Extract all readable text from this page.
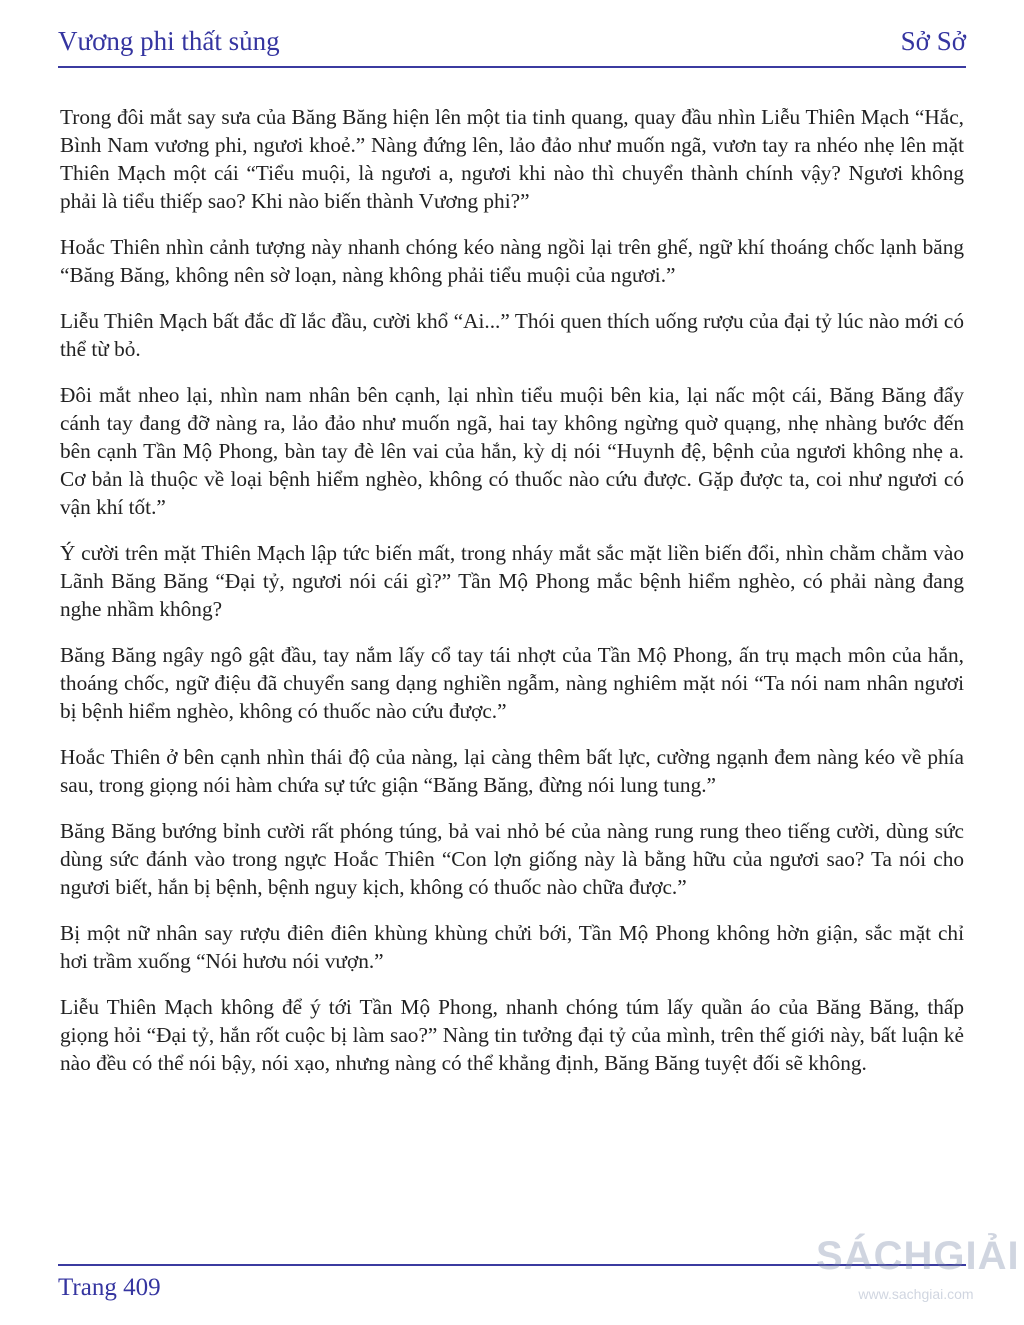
Vương phi thất sủng	Sở Sở

Trong đôi mắt say sưa của Băng Băng hiện lên một tia tinh quang, quay đầu nhìn Liễu Thiên Mạch “Hắc, Bình Nam vương phi, ngươi khoẻ.” Nàng đứng lên, lảo đảo như muốn ngã, vươn tay ra nhéo nhẹ lên mặt Thiên Mạch một cái “Tiểu muội, là ngươi a, ngươi khi nào thì chuyển thành chính vậy? Ngươi không phải là tiểu thiếp sao? Khi nào biến thành Vương phi?”

Hoắc Thiên nhìn cảnh tượng này nhanh chóng kéo nàng ngồi lại trên ghế, ngữ khí thoáng chốc lạnh băng “Băng Băng, không nên sờ loạn, nàng không phải tiểu muội của ngươi.”

Liễu Thiên Mạch bất đắc dĩ lắc đầu, cười khổ “Ai...” Thói quen thích uống rượu của đại tỷ lúc nào mới có thể từ bỏ.

Đôi mắt nheo lại, nhìn nam nhân bên cạnh, lại nhìn tiểu muội bên kia, lại nấc một cái, Băng Băng đẩy cánh tay đang đỡ nàng ra, lảo đảo như muốn ngã, hai tay không ngừng quờ quạng, nhẹ nhàng bước đến bên cạnh Tần Mộ Phong, bàn tay đè lên vai của hắn, kỳ dị nói “Huynh đệ, bệnh của ngươi không nhẹ a. Cơ bản là thuộc về loại bệnh hiểm nghèo, không có thuốc nào cứu được. Gặp được ta, coi như ngươi có vận khí tốt.”

Ý cười trên mặt Thiên Mạch lập tức biến mất, trong nháy mắt sắc mặt liền biến đổi, nhìn chằm chằm vào Lãnh Băng Băng “Đại tỷ, ngươi nói cái gì?” Tần Mộ Phong mắc bệnh hiểm nghèo, có phải nàng đang nghe nhầm không?

Băng Băng ngây ngô gật đầu, tay nắm lấy cổ tay tái nhợt của Tần Mộ Phong, ấn trụ mạch môn của hắn, thoáng chốc, ngữ điệu đã chuyển sang dạng nghiền ngẫm, nàng nghiêm mặt nói “Ta nói nam nhân ngươi bị bệnh hiểm nghèo, không có thuốc nào cứu được.”

Hoắc Thiên ở bên cạnh nhìn thái độ của nàng, lại càng thêm bất lực, cường ngạnh đem nàng kéo về phía sau, trong giọng nói hàm chứa sự tức giận “Băng Băng, đừng nói lung tung.”

Băng Băng bướng bỉnh cười rất phóng túng, bả vai nhỏ bé của nàng rung rung theo tiếng cười, dùng sức dùng sức đánh vào trong ngực Hoắc Thiên “Con lợn giống này là bằng hữu của ngươi sao? Ta nói cho ngươi biết, hắn bị bệnh, bệnh nguy kịch, không có thuốc nào chữa được.”

Bị một nữ nhân say rượu điên điên khùng khùng chửi bới, Tần Mộ Phong không hờn giận, sắc mặt chỉ hơi trầm xuống “Nói hươu nói vượn.”

Liễu Thiên Mạch không để ý tới Tần Mộ Phong, nhanh chóng túm lấy quần áo của Băng Băng, thấp giọng hỏi “Đại tỷ, hắn rốt cuộc bị làm sao?” Nàng tin tưởng đại tỷ của mình, trên thế giới này, bất luận kẻ nào đều có thể nói bậy, nói xạo, nhưng nàng có thể khẳng định, Băng Băng tuyệt đối sẽ không.

Trang 409
SÁCHGIẢI
www.sachgiai.com
